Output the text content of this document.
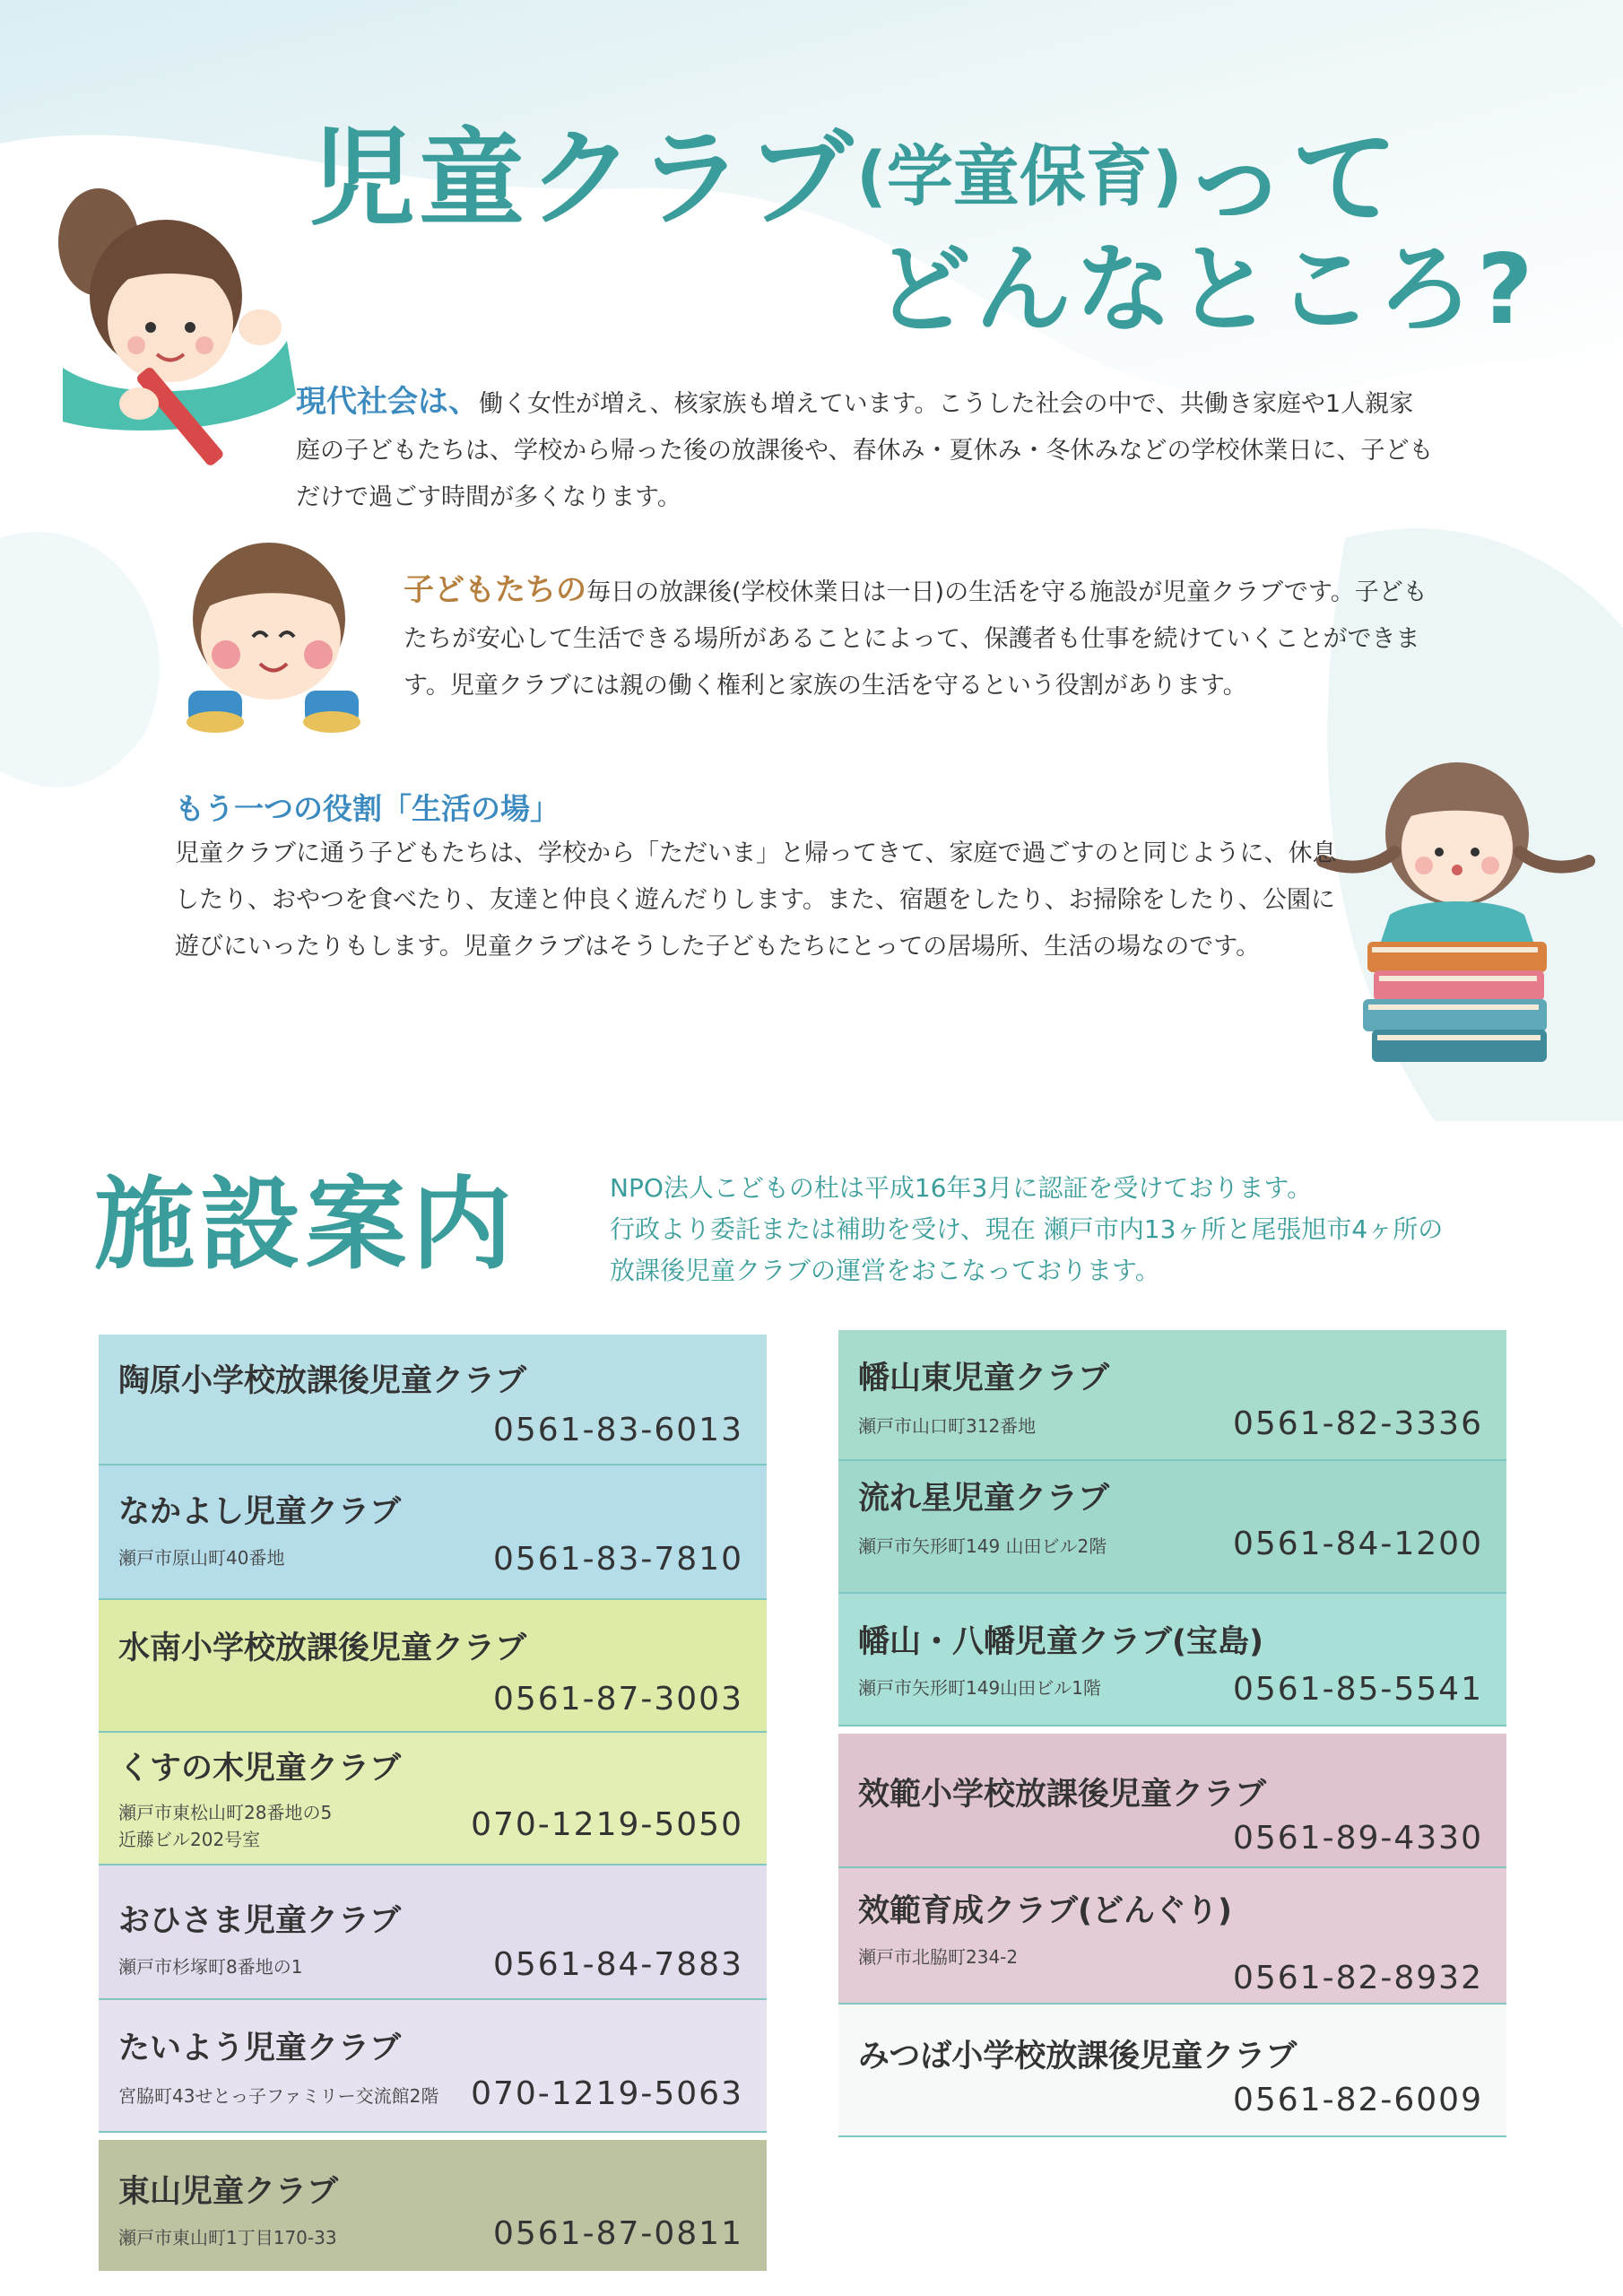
児童クラブ(学童保育)って
どんなところ?
現代社会は、働く女性が増え、核家族も増えています。こうした社会の中で、共働き家庭や1人親家庭の子どもたちは、学校から帰った後の放課後や、春休み・夏休み・冬休みなどの学校休業日に、子どもだけで過ごす時間が多くなります。
子どもたちの毎日の放課後(学校休業日は一日)の生活を守る施設が児童クラブです。子どもたちが安心して生活できる場所があることによって、保護者も仕事を続けていくことができます。児童クラブには親の働く権利と家族の生活を守るという役割があります。
もう一つの役割「生活の場」
児童クラブに通う子どもたちは、学校から「ただいま」と帰ってきて、家庭で過ごすのと同じように、休息したり、おやつを食べたり、友達と仲良く遊んだりします。また、宿題をしたり、お掃除をしたり、公園に遊びにいったりもします。児童クラブはそうした子どもたちにとっての居場所、生活の場なのです。
施設案内	NPO法人こどもの杜は平成16年3月に認証を受けております。
行政より委託または補助を受け、現在 瀬戸市内13ヶ所と尾張旭市4ヶ所の
放課後児童クラブの運営をおこなっております。
陶原小学校放課後児童クラブ
0561-83-6013
なかよし児童クラブ
瀬戸市原山町40番地	0561-83-7810
水南小学校放課後児童クラブ
0561-87-3003
くすの木児童クラブ
瀬戸市東松山町28番地の5
近藤ビル202号室	070-1219-5050
おひさま児童クラブ
瀬戸市杉塚町8番地の1	0561-84-7883
たいよう児童クラブ
宮脇町43せとっ子ファミリー交流館2階 070-1219-5063
東山児童クラブ
瀬戸市東山町1丁目170-33	0561-87-0811
幡山東児童クラブ
瀬戸市山口町312番地	0561-82-3336
流れ星児童クラブ
瀬戸市矢形町149 山田ビル2階	0561-84-1200
幡山・八幡児童クラブ(宝島)
瀬戸市矢形町149山田ビル1階	0561-85-5541
效範小学校放課後児童クラブ
0561-89-4330
效範育成クラブ(どんぐり)
瀬戸市北脇町234-2
0561-82-8932
みつば小学校放課後児童クラブ
0561-82-6009
